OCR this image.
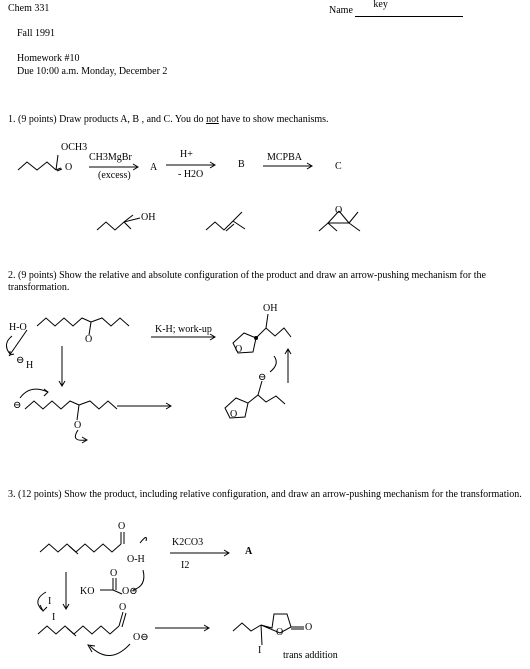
Chem 331	Name
key
Fall 1991
Homework #10
Due 10:00 a.m. Monday, December 2
1. (9 points) Draw products A, B , and C. You do not have to show mechanisms.
OCH3
O
CH3MgBr
(excess)
A
H+
- H2O
B
MCPBA
C
OH
O
2. (9 points) Show the relative and absolute configuration of the product and draw an arrow-pushing mechanism for the transformation.
H-O
O
⊖ H
K-H; work-up
OH
O
⊖
O
⊖
O
3. (12 points) Show the product, including relative configuration, and draw an arrow-pushing mechanism for the transformation.
O
O-H
K2CO3
I2
A
KO
O
O⊖
I
I
O
O⊖
I
O O
trans addition
